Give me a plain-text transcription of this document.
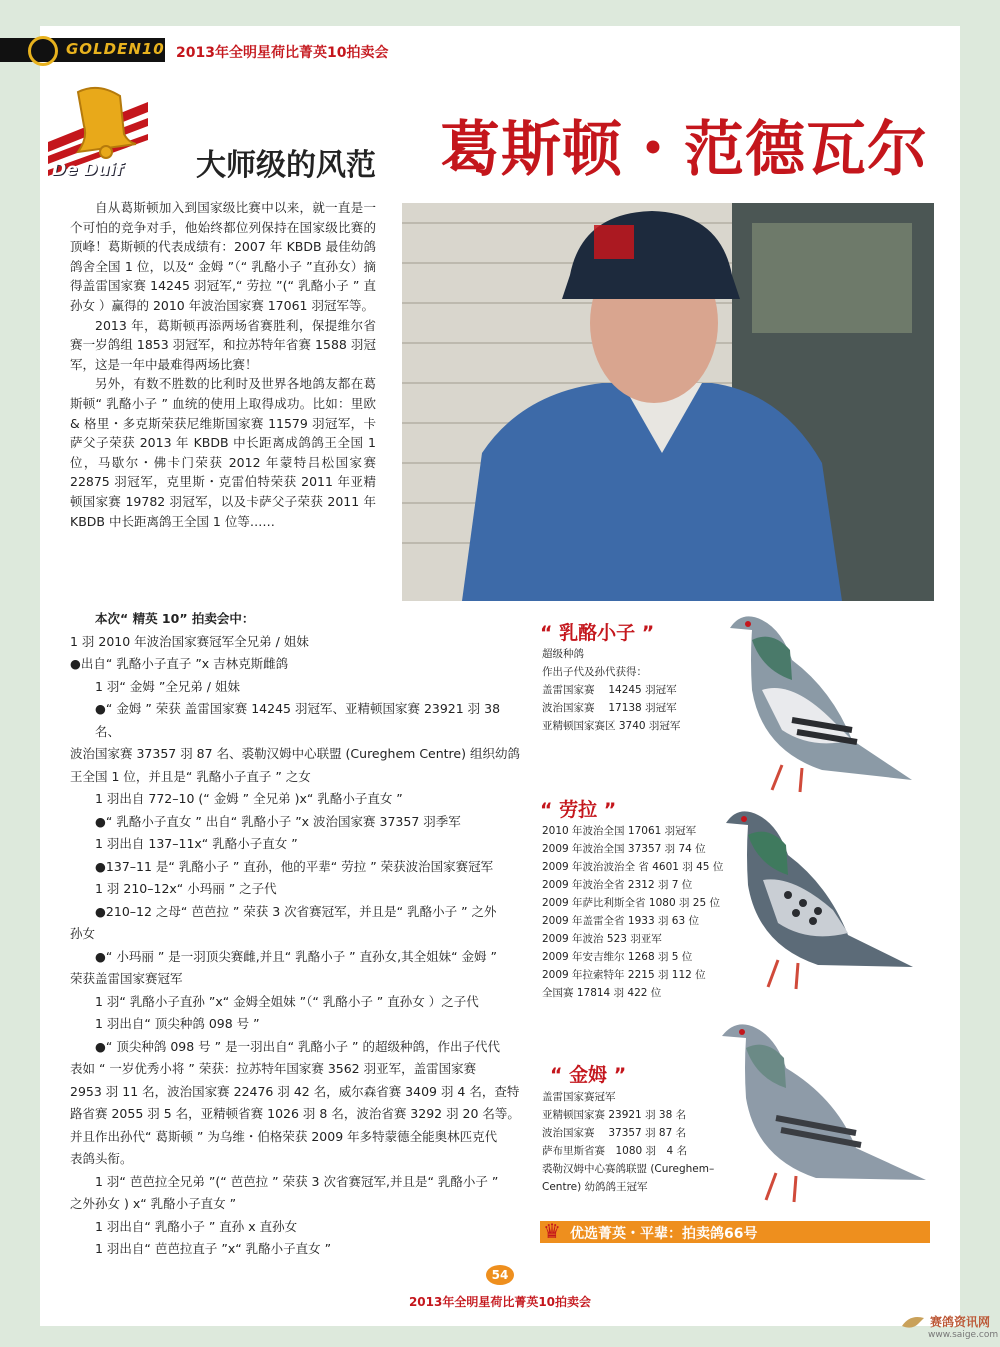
GOLDEN10 2013年全明星荷比菁英10拍卖会
De Duif 大师级的风范 葛斯顿・范德瓦尔

自从葛斯顿加入到国家级比赛中以来，就一直是一个可怕的竞争对手，他始终都位列保持在国家级比赛的顶峰！葛斯顿的代表成绩有：2007 年 KBDB 最佳幼鸽鸽舍全国 1 位，以及“ 金姆 ”（“ 乳酪小子 ”直孙女）摘得盖雷国家赛 14245 羽冠军,“ 劳拉 ”(“ 乳酪小子 ” 直孙女 ）赢得的 2010 年波治国家赛 17061 羽冠军等。

2013 年，葛斯顿再添两场省赛胜利，保提维尔省赛一岁鸽组 1853 羽冠军，和拉苏特年省赛 1588 羽冠军，这是一年中最难得两场比赛！

另外，有数不胜数的比利时及世界各地鸽友都在葛斯顿“ 乳酪小子 ” 血统的使用上取得成功。比如：里欧 & 格里・多克斯荣获尼维斯国家赛 11579 羽冠军，卡萨父子荣获 2013 年 KBDB 中长距离成鸽鸽王全国 1 位，马歇尔・佛卡门荣获 2012 年蒙特吕松国家赛 22875 羽冠军，克里斯・克雷伯特荣获 2011 年亚精顿国家赛 19782 羽冠军，以及卡萨父子荣获 2011 年 KBDB 中长距离鸽王全国 1 位等……

本次“ 精英 10” 拍卖会中：

1 羽 2010 年波治国家赛冠军全兄弟 / 姐妹

●出自“ 乳酪小子直子 ”x 吉林克斯雌鸽

1 羽“ 金姆 ”全兄弟 / 姐妹

●“ 金姆 ” 荣获 盖雷国家赛 14245 羽冠军、亚精顿国家赛 23921 羽 38 名、

波治国家赛 37357 羽 87 名、裘勒汉姆中心联盟 (Cureghem Centre) 组织幼鸽

王全国 1 位，并且是“ 乳酪小子直子 ” 之女

1 羽出自 772–10 (“ 金姆 ” 全兄弟 )x“ 乳酪小子直女 ”

●“ 乳酪小子直女 ” 出自“ 乳酪小子 ”x 波治国家赛 37357 羽季军

1 羽出自 137–11x“ 乳酪小子直女 ”

●137–11 是“ 乳酪小子 ” 直孙，他的平辈“ 劳拉 ” 荣获波治国家赛冠军

1 羽 210–12x“ 小玛丽 ” 之子代

●210–12 之母“ 芭芭拉 ” 荣获 3 次省赛冠军，并且是“ 乳酪小子 ” 之外

孙女

●“ 小玛丽 ” 是一羽顶尖赛雌,并且“ 乳酪小子 ” 直孙女,其全姐妹“ 金姆 ”

荣获盖雷国家赛冠军

1 羽“ 乳酪小子直孙 ”x“ 金姆全姐妹 ”（“ 乳酪小子 ” 直孙女 ）之子代

1 羽出自“ 顶尖种鸽 098 号 ”

●“ 顶尖种鸽 098 号 ” 是一羽出自“ 乳酪小子 ” 的超级种鸽，作出子代代

表如 “ 一岁优秀小将 ” 荣获：拉苏特年国家赛 3562 羽亚军，盖雷国家赛

2953 羽 11 名，波治国家赛 22476 羽 42 名，威尔森省赛 3409 羽 4 名，查特

路省赛 2055 羽 5 名，亚精顿省赛 1026 羽 8 名，波治省赛 3292 羽 20 名等。

并且作出孙代“ 葛斯顿 ” 为乌维・伯格荣获 2009 年多特蒙德全能奥林匹克代

表鸽头衔。

1 羽“ 芭芭拉全兄弟 ”(“ 芭芭拉 ” 荣获 3 次省赛冠军,并且是“ 乳酪小子 ”

之外孙女 ) x“ 乳酪小子直女 ”

1 羽出自“ 乳酪小子 ” 直孙 x 直孙女

1 羽出自“ 芭芭拉直子 ”x“ 乳酪小子直女 ”

“ 乳酪小子 ”
超级种鸽
作出子代及孙代获得：
盖雷国家赛　 14245 羽冠军
波治国家赛　 17138 羽冠军
亚精顿国家赛区 3740 羽冠军
“ 劳拉 ”
2010 年波治全国 17061 羽冠军
2009 年波治全国 37357 羽 74 位
2009 年波治波治全 省 4601 羽 45 位
2009 年波治全省 2312 羽 7 位
2009 年萨比利斯全省 1080 羽 25 位
2009 年盖雷全省 1933 羽 63 位
2009 年波治 523 羽亚军
2009 年安吉维尔 1268 羽 5 位
2009 年拉索特年 2215 羽 112 位
全国赛 17814 羽 422 位
“ 金姆 ”
盖雷国家赛冠军
亚精顿国家赛 23921 羽 38 名
波治国家赛　 37357 羽 87 名
萨布里斯省赛　1080 羽　4 名
裘勒汉姆中心赛鸽联盟 (Cureghem–
Centre) 幼鸽鸽王冠军
♛ 优选菁英・平辈：拍卖鸽66号
54
2013年全明星荷比菁英10拍卖会
赛鸽资讯网
www.saige.com
